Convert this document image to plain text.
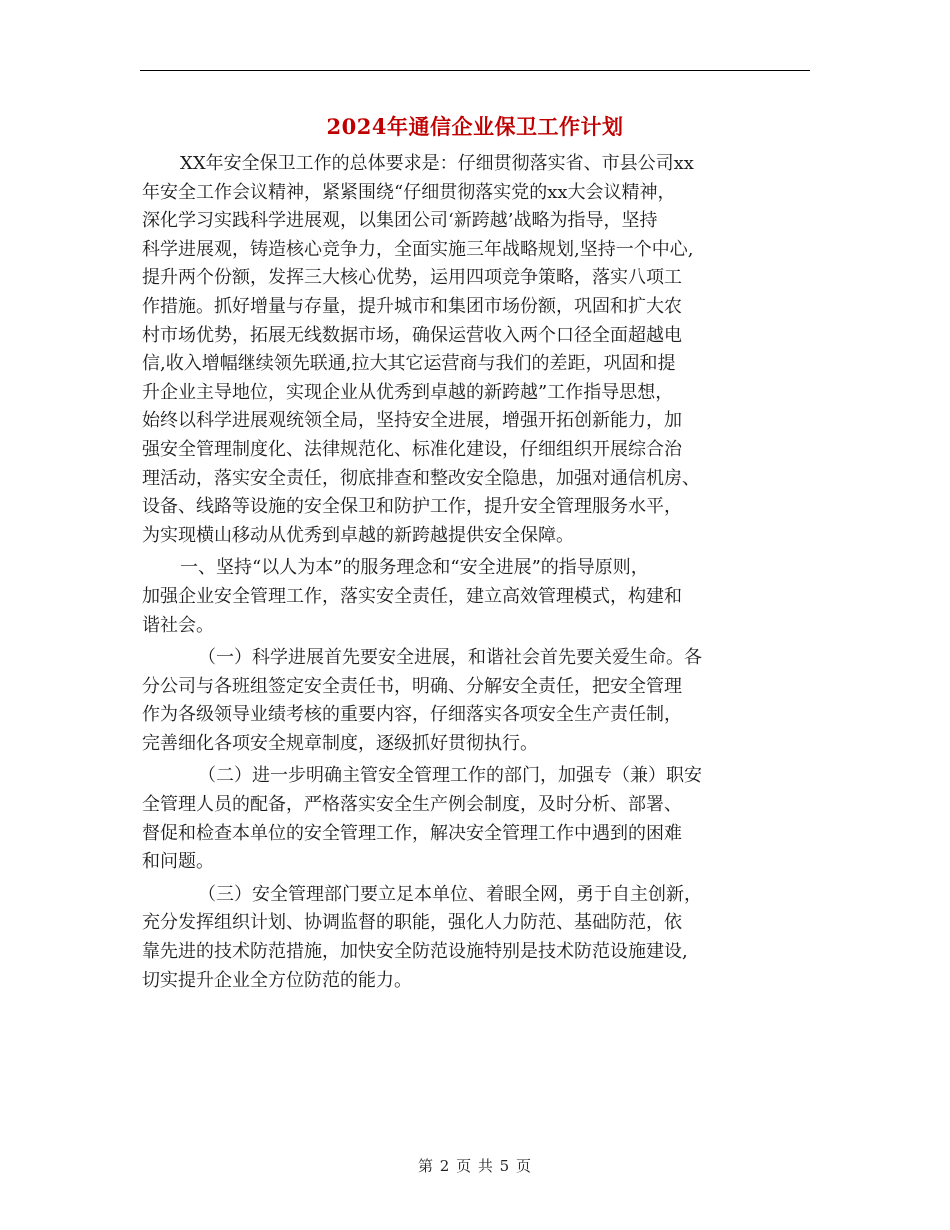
2024年通信企业保卫工作计划
XX年安全保卫工作的总体要求是：仔细贯彻落实省、市县公司xx
年安全工作会议精神，紧紧围绕“仔细贯彻落实党的xx大会议精神，
深化学习实践科学进展观，以集团公司‘新跨越’战略为指导，坚持
科学进展观，铸造核心竞争力，全面实施三年战略规划,坚持一个中心,
提升两个份额，发挥三大核心优势，运用四项竞争策略，落实八项工
作措施。抓好增量与存量，提升城市和集团市场份额，巩固和扩大农
村市场优势，拓展无线数据市场，确保运营收入两个口径全面超越电
信,收入增幅继续领先联通,拉大其它运营商与我们的差距，巩固和提
升企业主导地位，实现企业从优秀到卓越的新跨越”工作指导思想，
始终以科学进展观统领全局，坚持安全进展，增强开拓创新能力，加
强安全管理制度化、法律规范化、标准化建设，仔细组织开展综合治
理活动，落实安全责任，彻底排查和整改安全隐患，加强对通信机房、
设备、线路等设施的安全保卫和防护工作，提升安全管理服务水平，
为实现横山移动从优秀到卓越的新跨越提供安全保障。
一、坚持“以人为本”的服务理念和“安全进展”的指导原则，
加强企业安全管理工作，落实安全责任，建立高效管理模式，构建和
谐社会。
（一）科学进展首先要安全进展，和谐社会首先要关爱生命。各
分公司与各班组签定安全责任书，明确、分解安全责任，把安全管理
作为各级领导业绩考核的重要内容，仔细落实各项安全生产责任制，
完善细化各项安全规章制度，逐级抓好贯彻执行。
（二）进一步明确主管安全管理工作的部门，加强专（兼）职安
全管理人员的配备，严格落实安全生产例会制度，及时分析、部署、
督促和检查本单位的安全管理工作，解决安全管理工作中遇到的困难
和问题。
（三）安全管理部门要立足本单位、着眼全网，勇于自主创新，
充分发挥组织计划、协调监督的职能，强化人力防范、基础防范，依
靠先进的技术防范措施，加快安全防范设施特别是技术防范设施建设,
切实提升企业全方位防范的能力。
第 2 页 共 5 页
